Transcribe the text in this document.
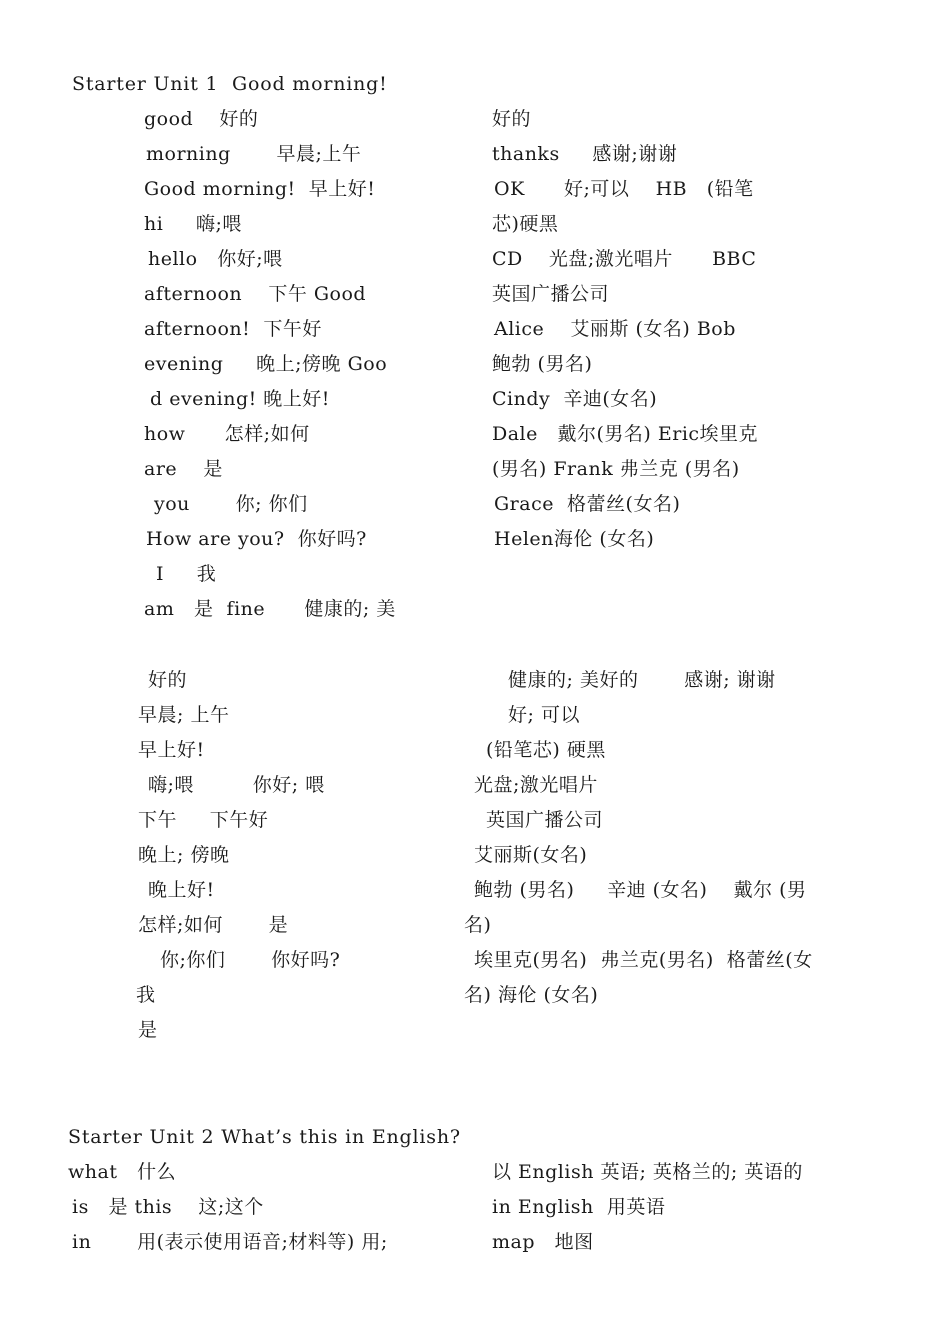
Starter Unit 1  Good morning!
good    好的
morning       早晨;上午
Good morning!  早上好!
hi     嗨;喂
hello   你好;喂
afternoon    下午 Good
afternoon!  下午好
evening     晚上;傍晚 Goo
d evening! 晚上好!
how      怎样;如何
are    是
you       你; 你们
How are you?  你好吗?
I     我
am   是  fine      健康的; 美
好的
thanks     感谢;谢谢
OK      好;可以    HB   (铅笔
芯)硬黑
CD    光盘;激光唱片      BBC
英国广播公司
Alice    艾丽斯 (女名) Bob
鲍勃 (男名)
Cindy  辛迪(女名)
Dale   戴尔(男名) Eric埃里克
(男名) Frank 弗兰克 (男名)
Grace  格蕾丝(女名)
Helen海伦 (女名)
好的
早晨; 上午
早上好!
嗨;喂         你好; 喂
下午     下午好
晚上; 傍晚
晚上好!
怎样;如何       是
你;你们       你好吗?
我
是
健康的; 美好的       感谢; 谢谢
好; 可以
(铅笔芯) 硬黑
光盘;激光唱片
英国广播公司
艾丽斯(女名)
鲍勃 (男名)     辛迪 (女名)    戴尔 (男
名)
埃里克(男名)  弗兰克(男名)  格蕾丝(女
名) 海伦 (女名)
Starter Unit 2 What’s this in English?
what   什么
is   是 this    这;这个
in       用(表示使用语音;材料等) 用;
以 English 英语; 英格兰的; 英语的
in English  用英语
map   地图
